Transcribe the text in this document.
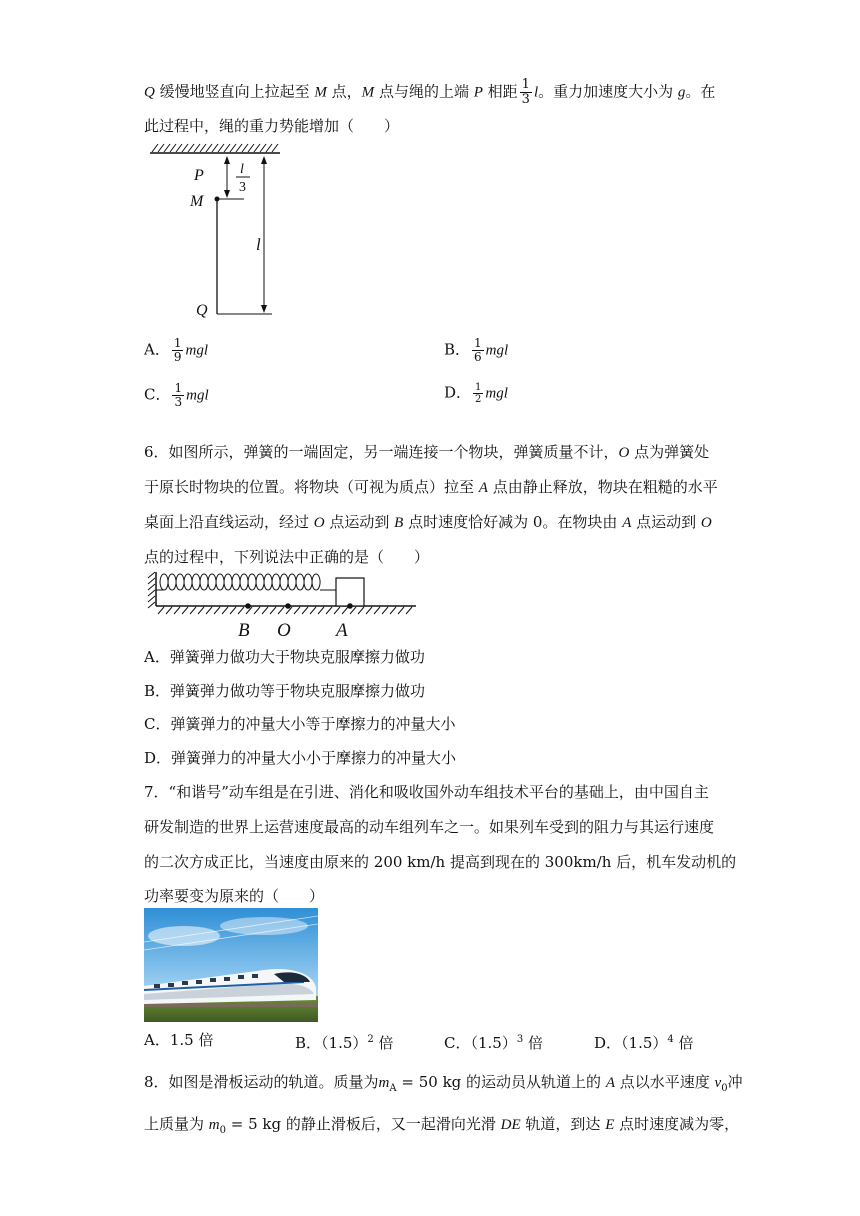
Q 缓慢地竖直向上拉起至 M 点，M 点与绳的上端 P 相距 $\frac{1}{3}$ l。重力加速度大小为 g。在
此过程中，绳的重力势能增加（　　）
P
M
Q
l
l
3
A． $\frac{1}{9}$ mgl	B． $\frac{1}{6}$ mgl
C． $\frac{1}{3}$ mgl	D． $\frac{1}{2}$ mgl
6．如图所示，弹簧的一端固定，另一端连接一个物块，弹簧质量不计，O 点为弹簧处
于原长时物块的位置。将物块（可视为质点）拉至 A 点由静止释放，物块在粗糙的水平
桌面上沿直线运动，经过 O 点运动到 B 点时速度恰好减为 0。在物块由 A 点运动到 O
点的过程中，下列说法中正确的是（　　）
B O A
A．弹簧弹力做功大于物块克服摩擦力做功
B．弹簧弹力做功等于物块克服摩擦力做功
C．弹簧弹力的冲量大小等于摩擦力的冲量大小
D．弹簧弹力的冲量大小小于摩擦力的冲量大小
7．“和谐号”动车组是在引进、消化和吸收国外动车组技术平台的基础上，由中国自主
研发制造的世界上运营速度最高的动车组列车之一。如果列车受到的阻力与其运行速度
的二次方成正比，当速度由原来的 200 km/h 提高到现在的 300km/h 后，机车发动机的
功率要变为原来的（　　）
A．1.5 倍	B．$(1.5)^2$ 倍	C．$(1.5)^3$ 倍	D．$(1.5)^4$ 倍
8．如图是滑板运动的轨道。质量为$m_A = 50$ kg 的运动员从轨道上的 A 点以水平速度 $v_0$冲
上质量为 $m_0 = 5$ kg 的静止滑板后，又一起滑向光滑 DE 轨道，到达 E 点时速度减为零，
